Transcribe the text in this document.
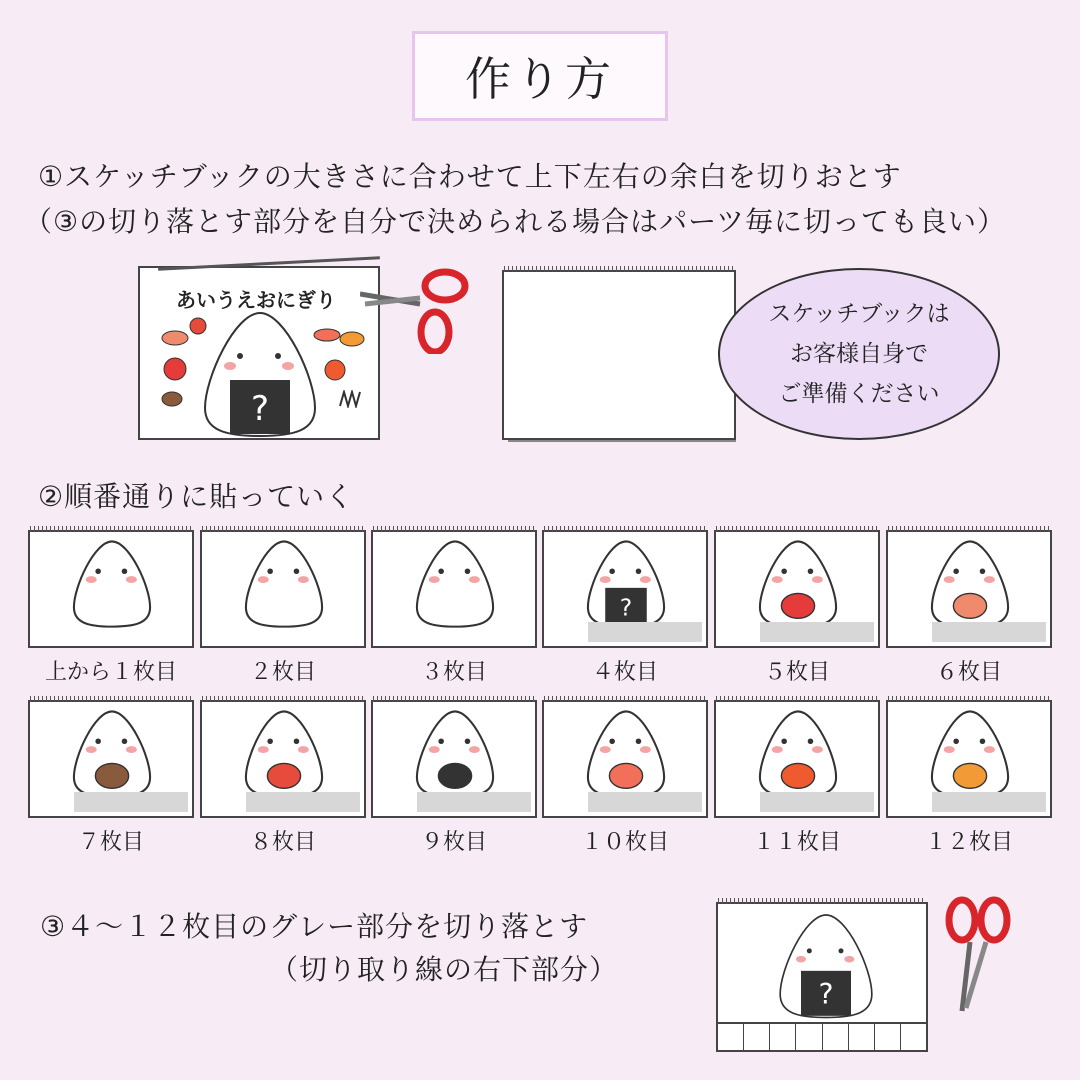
作り方
①スケッチブックの大きさに合わせて上下左右の余白を切りおとす
（③の切り落とす部分を自分で決められる場合はパーツ毎に切っても良い）
あいうえおにぎり
?
スケッチブックは
お客様自身で
ご準備ください
②順番通りに貼っていく
上から１枚目	２枚目	３枚目
?
４枚目	５枚目	６枚目
７枚目	８枚目	９枚目	１０枚目	１１枚目	１２枚目
③４～１２枚目のグレー部分を切り落とす
（切り取り線の右下部分）
?
